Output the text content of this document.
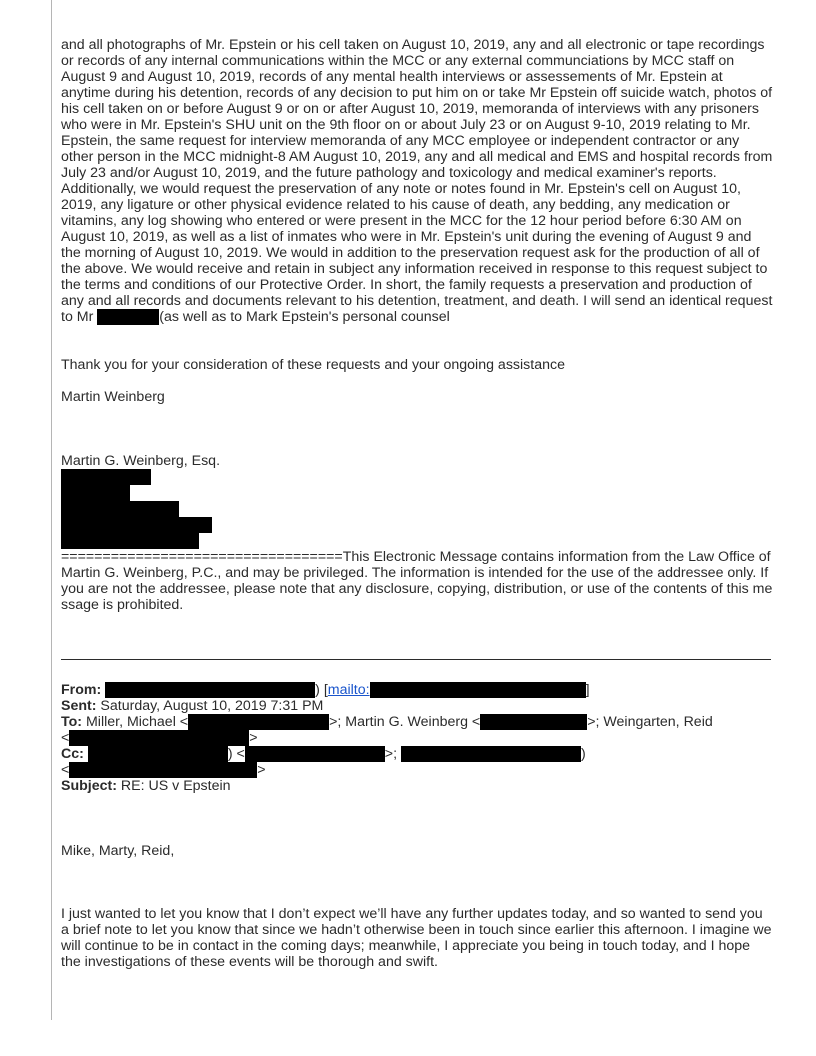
and all photographs of Mr. Epstein or his cell taken on August 10, 2019, any and all electronic or tape recordings or records of any internal communications within the MCC or any external communciations by MCC staff on August 9 and August 10, 2019, records of any mental health interviews or assessements of Mr. Epstein at anytime during his detention, records of any decision to put him on or take Mr Epstein off suicide watch, photos of his cell taken on or before August 9 or on or after August 10, 2019, memoranda of interviews with any prisoners who were in Mr. Epstein's SHU unit on the 9th floor on or about July 23 or on August 9-10, 2019 relating to Mr. Epstein, the same request for interview memoranda of any MCC employee or independent contractor or any other person in the MCC midnight-8 AM August 10, 2019, any and all medical and EMS and hospital records from July 23 and/or August 10, 2019, and the future pathology and toxicology and medical examiner's reports. Additionally, we would request the preservation of any note or notes found in Mr. Epstein's cell on August 10, 2019, any ligature or other physical evidence related to his cause of death, any bedding, any medication or vitamins, any log showing who entered or were present in the MCC for the 12 hour period before 6:30 AM on August 10, 2019, as well as a list of inmates who were in Mr. Epstein's unit during the evening of August 9 and the morning of August 10, 2019. We would in addition to the preservation request ask for the production of all of the above. We would receive and retain in subject any information received in response to this request subject to the terms and conditions of our Protective Order. In short, the family requests a preservation and production of any and all records and documents relevant to his detention, treatment, and death. I will send an identical request to Mr	(as well as to Mark Epstein's personal counsel

Thank you for your consideration of these requests and your ongoing assistance

Martin Weinberg

Martin G. Weinberg, Esq.

==================================This Electronic Message contains information from the Law Office of Martin G. Weinberg, P.C., and may be privileged. The information is intended for the use of the addressee only. If you are not the addressee, please note that any disclosure, copying, distribution, or use of the contents of this message is prohibited.

From:	) [mailto:	]
Sent: Saturday, August 10, 2019 7:31 PM
To: Miller, Michael <	>; Martin G. Weinberg <	>; Weingarten, Reid
<	>
Cc:	) <	>;	)
<	>
Subject: RE: US v Epstein

Mike, Marty, Reid,

I just wanted to let you know that I don’t expect we’ll have any further updates today, and so wanted to send you a brief note to let you know that since we hadn’t otherwise been in touch since earlier this afternoon. I imagine we will continue to be in contact in the coming days; meanwhile, I appreciate you being in touch today, and I hope the investigations of these events will be thorough and swift.
